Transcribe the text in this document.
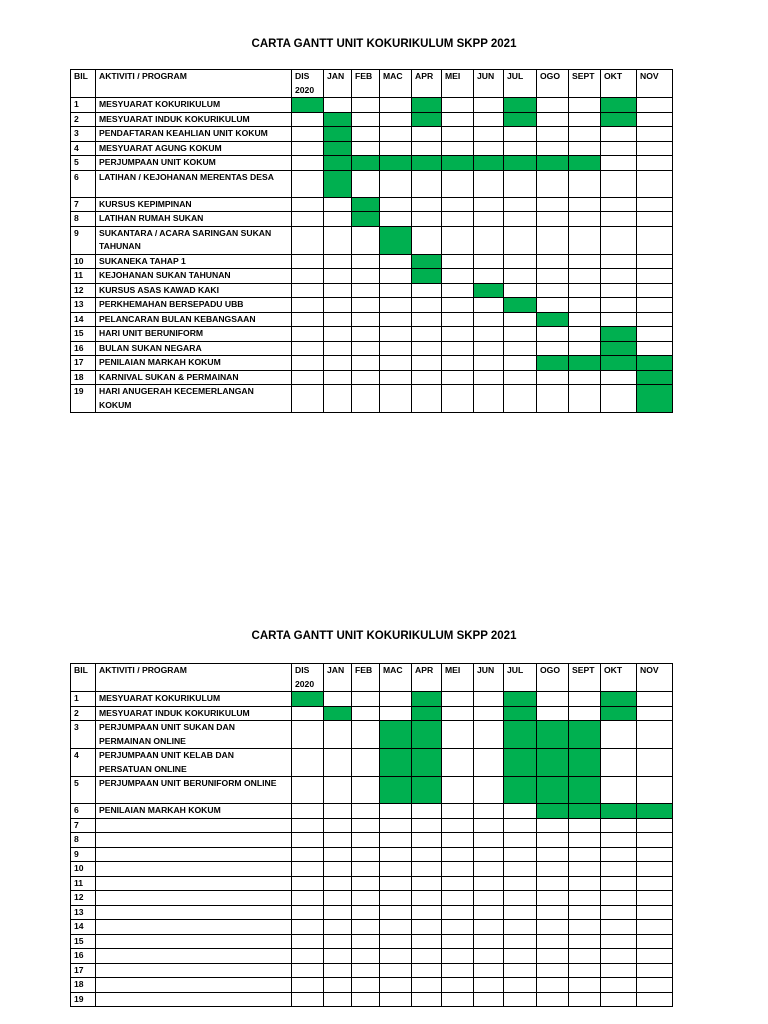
CARTA GANTT UNIT KOKURIKULUM SKPP 2021
BIL	AKTIVITI / PROGRAM	DIS
2020	JAN	FEB	MAC	APR	MEI	JUN	JUL	OGO	SEPT	OKT	NOV	
1	MESYUARAT KOKURIKULUM													
2	MESYUARAT INDUK KOKURIKULUM													
3	PENDAFTARAN KEAHLIAN UNIT KOKUM													
4	MESYUARAT AGUNG KOKUM													
5	PERJUMPAAN UNIT KOKUM													
6	LATIHAN / KEJOHANAN MERENTAS DESA													
7	KURSUS KEPIMPINAN													
8	LATIHAN RUMAH SUKAN													
9	SUKANTARA / ACARA SARINGAN SUKAN TAHUNAN													
10	SUKANEKA TAHAP 1													
11	KEJOHANAN SUKAN TAHUNAN													
12	KURSUS ASAS KAWAD KAKI													
13	PERKHEMAHAN BERSEPADU UBB													
14	PELANCARAN BULAN KEBANGSAAN													
15	HARI UNIT BERUNIFORM													
16	BULAN SUKAN NEGARA													
17	PENILAIAN MARKAH KOKUM													
18	KARNIVAL SUKAN & PERMAINAN													
19	HARI ANUGERAH KECEMERLANGAN KOKUM													
CARTA GANTT UNIT KOKURIKULUM SKPP 2021
BIL	AKTIVITI / PROGRAM	DIS
2020	JAN	FEB	MAC	APR	MEI	JUN	JUL	OGO	SEPT	OKT	NOV	
1	MESYUARAT KOKURIKULUM													
2	MESYUARAT INDUK KOKURIKULUM													
3	PERJUMPAAN UNIT SUKAN DAN PERMAINAN ONLINE													
4	PERJUMPAAN UNIT KELAB DAN PERSATUAN ONLINE													
5	PERJUMPAAN UNIT BERUNIFORM ONLINE													
6	PENILAIAN MARKAH KOKUM													
7														
8														
9														
10														
11														
12														
13														
14														
15														
16														
17														
18														
19														
